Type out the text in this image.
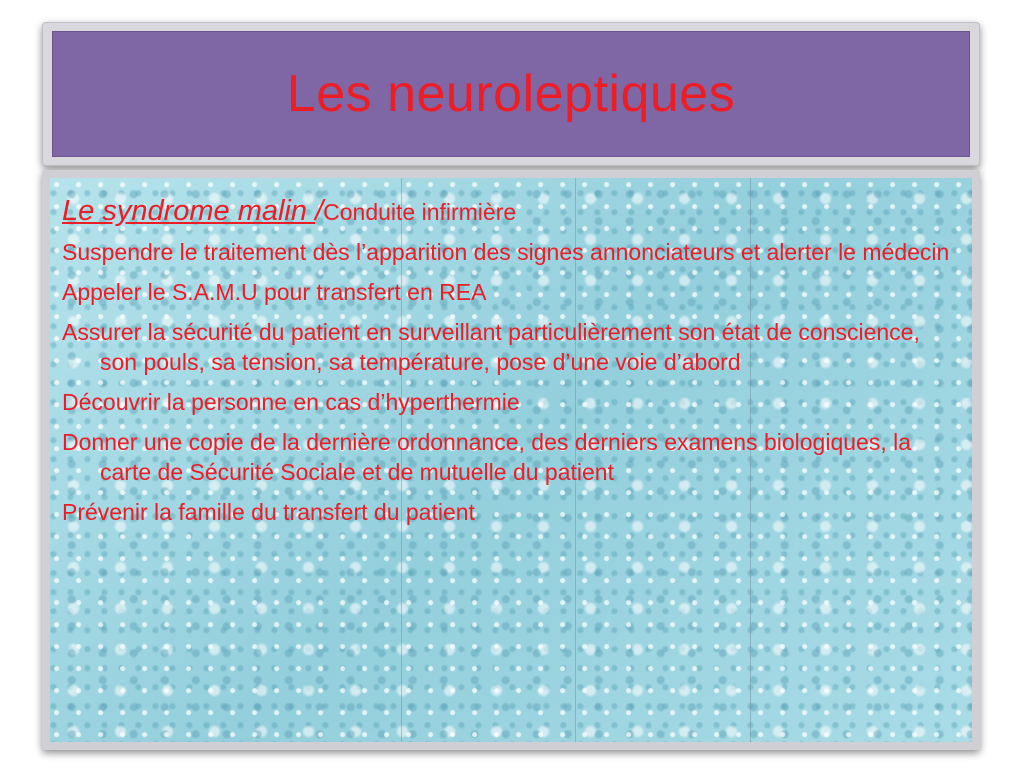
Les neuroleptiques

Le syndrome malin /Conduite infirmière

Suspendre le traitement dès l’apparition des signes annonciateurs et alerter le médecin
Appeler le S.A.M.U pour transfert en REA
Assurer la sécurité du patient en surveillant particulièrement son état de conscience, son pouls, sa tension, sa température, pose d’une voie d’abord
Découvrir la personne en cas d’hyperthermie
Donner une copie de la dernière ordonnance, des derniers examens biologiques, la carte de Sécurité Sociale et de mutuelle du patient
Prévenir la famille du transfert du patient
